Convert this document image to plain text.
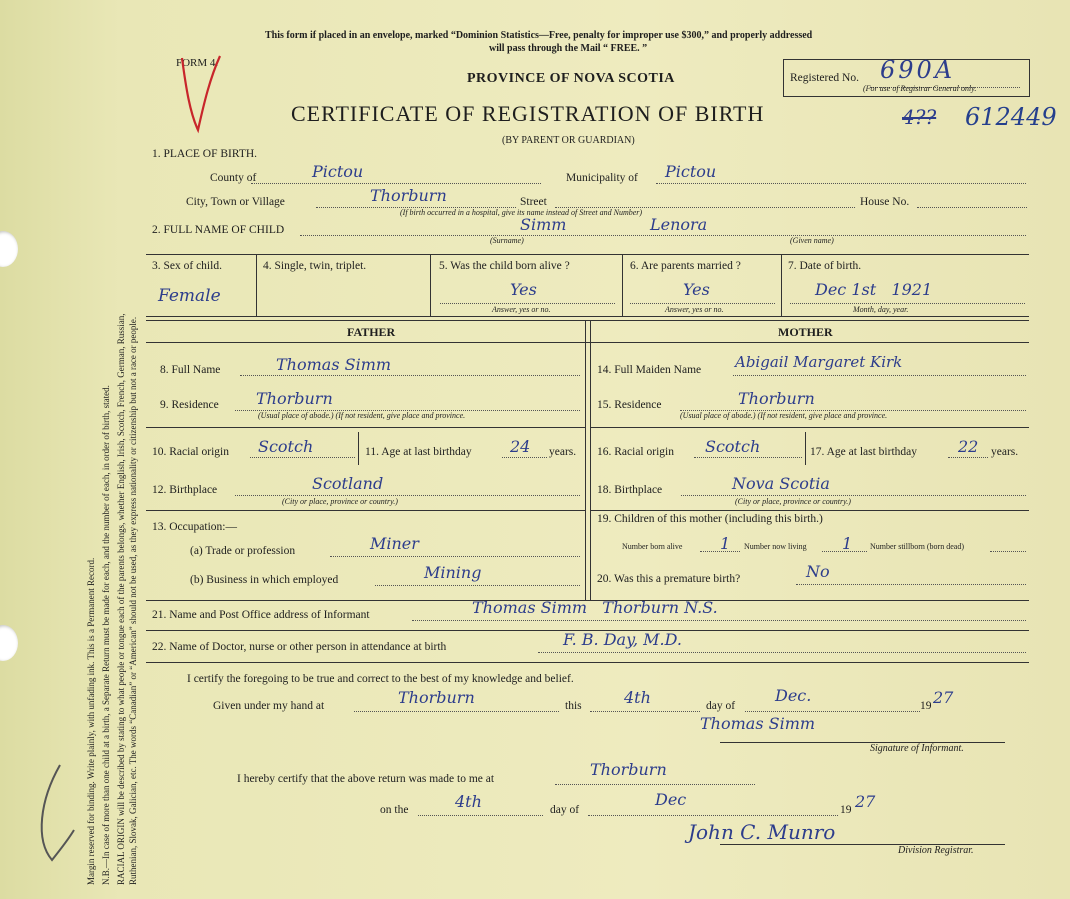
Margin reserved for binding. Write plainly, with unfading ink. This is a Permanent Record. N.B.—In case of more than one child at a birth, a Separate Return must be made for each, and the number of each, in order of birth, stated. RACIAL ORIGIN will be described by stating to what people or tongue each of the parents belongs, whether English, Irish, Scotch, French, German, Russian, Ruthenian, Slovak, Galician, etc. The words “Canadian” or “American” should not be used, as they express nationality or citizenship but not a race or people.
This form if placed in an envelope, marked “Dominion Statistics—Free, penalty for improper use $300,” and properly addressed
will pass through the Mail “ FREE. ”
FORM 4.
PROVINCE OF NOVA SCOTIA
CERTIFICATE OF REGISTRATION OF BIRTH
(BY PARENT OR GUARDIAN)
Registered No. 690A
(For use of Registrar General only.
4?? 612449
1. PLACE OF BIRTH.
County of	Pictou	Municipality of Pictou
City, Town or Village	Thorburn	Street	House No.
(If birth occurred in a hospital, give its name instead of Street and Number)
2. FULL NAME OF CHILD	Simm	Lenora
(Surname)	(Given name)
3. Sex of child.
Female
4. Single, twin, triplet.	5. Was the child born alive ?
Yes
Answer, yes or no.
6. Are parents married ?
Yes
Answer, yes or no.
7. Date of birth.
Dec 1st   1921
Month, day, year.
FATHER	MOTHER
8. Full Name	Thomas Simm
9. Residence Thorburn
(Usual place of abode.) (If not resident, give place and province.
10. Racial origin Scotch	11. Age at last birthday 24 years.
12. Birthplace	Scotland
(City or place, province or country.)
13. Occupation:—
(a) Trade or profession	Miner
(b) Business in which employed	Mining
14. Full Maiden Name Abigail Margaret Kirk
15. Residence	Thorburn
(Usual place of abode.) (If not resident, give place and province.
16. Racial origin Scotch	17. Age at last birthday	22 years.
18. Birthplace	Nova Scotia
(City or place, province or country.)
19. Children of this mother (including this birth.)
Number born alive 1 Number now living 1 Number stillborn (born dead)
20. Was this a premature birth?	No
21. Name and Post Office address of Informant	Thomas Simm   Thorburn N.S.
22. Name of Doctor, nurse or other person in attendance at birth	F. B. Day, M.D.
I certify the foregoing to be true and correct to the best of my knowledge and belief.
Given under my hand at	Thorburn	this	4th	day of
Dec.
19 27
Thomas Simm
Signature of Informant.
I hereby certify that the above return was made to me at	Thorburn
on the	4th	day of
Dec
19 27
John C. Munro
Division Registrar.
